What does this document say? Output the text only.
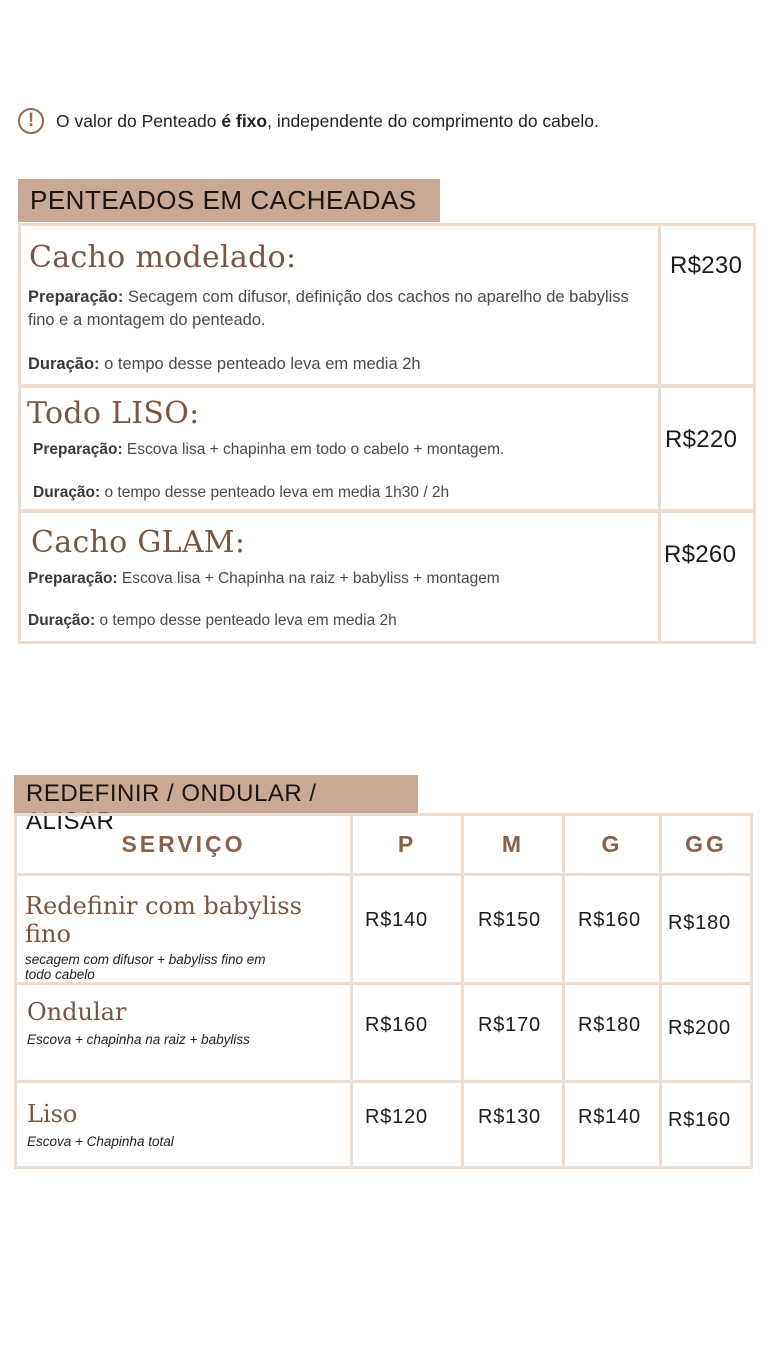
!	O valor do Penteado é fixo, independente do comprimento do cabelo.
PENTEADOS EM CACHEADAS
Cacho modelado:
Preparação: Secagem com difusor, definição dos cachos no aparelho de babyliss fino e a montagem do penteado.
Duração: o tempo desse penteado leva em media 2h
R$230
Todo LISO:
Preparação: Escova lisa + chapinha em todo o cabelo + montagem.
Duração: o tempo desse penteado leva em media 1h30 / 2h
R$220
Cacho GLAM:
Preparação: Escova lisa + Chapinha na raiz + babyliss + montagem
Duração: o tempo desse penteado leva em media 2h
R$260
REDEFINIR / ONDULAR / ALISAR
SERVIÇO	P	M	G	GG

Redefinir com babyliss fino
secagem com difusor + babyliss fino em todo cabelo	R$140	R$150	R$160	R$180

Ondular
Escova + chapinha na raiz + babyliss	R$160	R$170	R$180	R$200

Liso
Escova + Chapinha total	R$120	R$130	R$140	R$160
